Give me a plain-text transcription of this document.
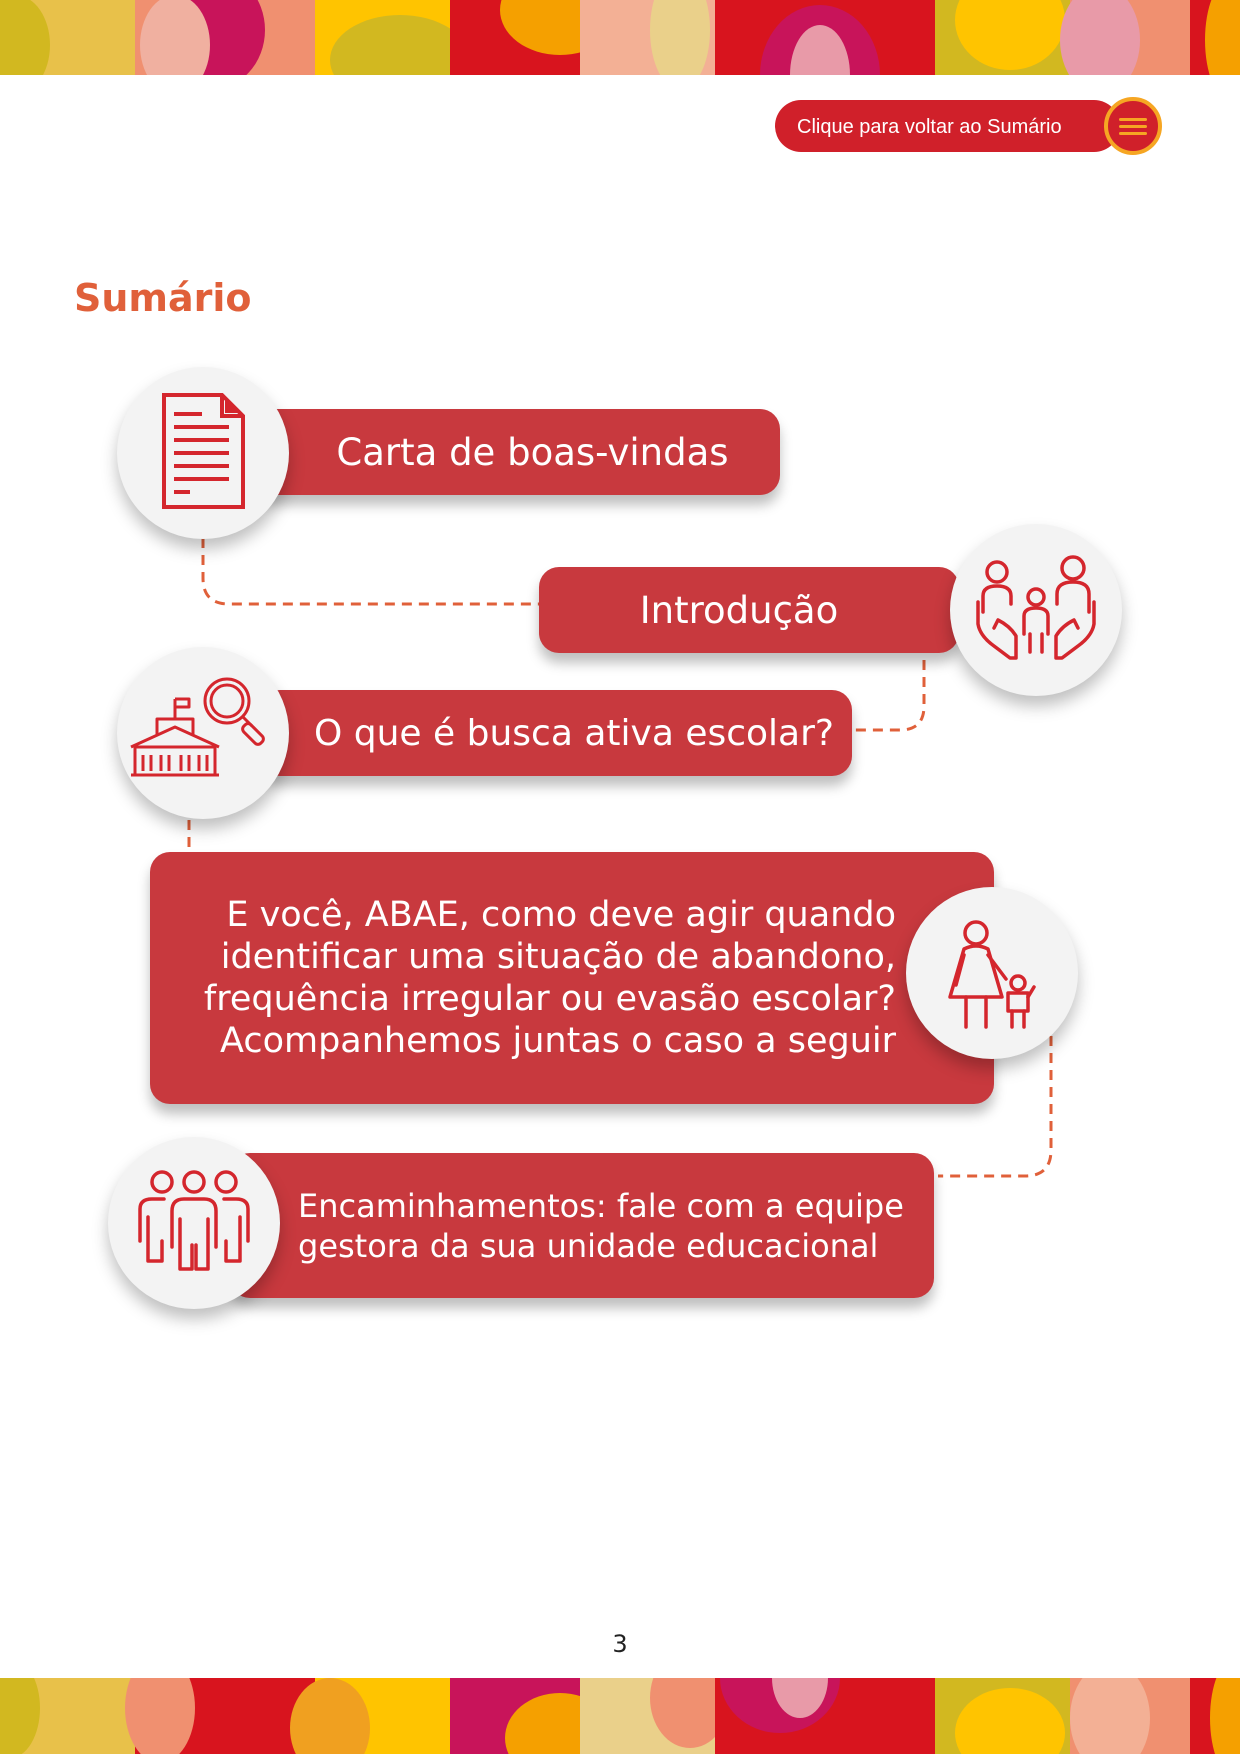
Clique para voltar ao Sumário
Sumário
Carta de boas-vindas
Introdução
O que é busca ativa escolar?
E você, ABAE, como deve agir quando
identificar uma situação de abandono,
frequência irregular ou evasão escolar?
Acompanhemos juntas o caso a seguir
Encaminhamentos: fale com a equipe
gestora da sua unidade educacional
3
